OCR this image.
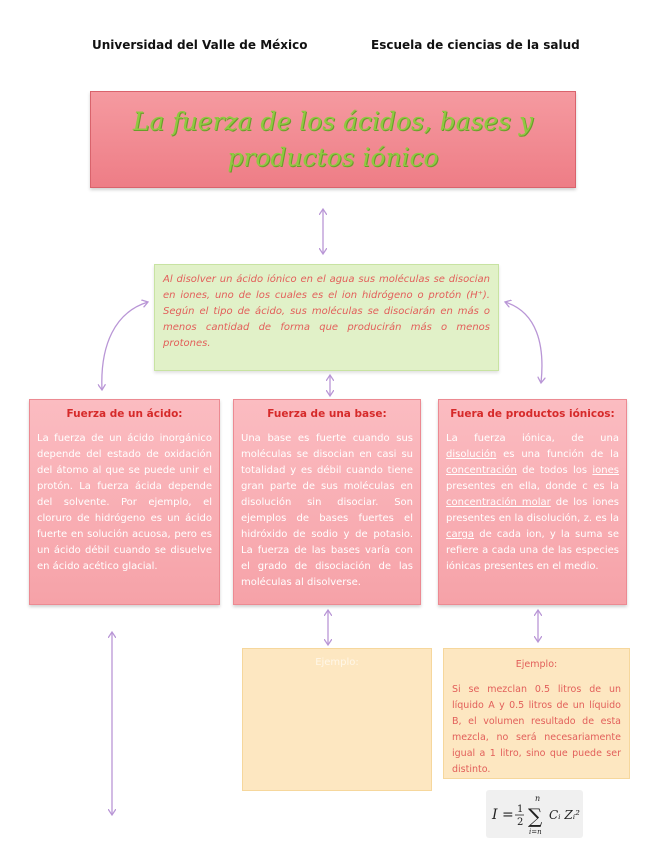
Universidad del Valle de México	Escuela de ciencias de la salud
La fuerza de los ácidos, bases y productos iónico
Al disolver un ácido iónico en el agua sus moléculas se disocian en iones, uno de los cuales es el ion hidrógeno o protón (H⁺). Según el tipo de ácido, sus moléculas se disociarán en más o menos cantidad de forma que producirán más o menos protones.
Fuerza de un ácido:
La fuerza de un ácido inorgánico depende del estado de oxidación del átomo al que se puede unir el protón. La fuerza ácida depende del solvente. Por ejemplo, el cloruro de hidrógeno es un ácido fuerte en solución acuosa, pero es un ácido débil cuando se disuelve en ácido acético glacial.
Fuerza de una base:
Una base es fuerte cuando sus moléculas se disocian en casi su totalidad y es débil cuando tiene gran parte de sus moléculas en disolución sin disociar. Son ejemplos de bases fuertes el hidróxido de sodio y de potasio. La fuerza de las bases varía con el grado de disociación de las moléculas al disolverse.
Fuera de productos iónicos:
La fuerza iónica, de una disolución es una función de la concentración de todos los iones presentes en ella, donde c es la concentración molar de los iones presentes en la disolución, z. es la carga de cada ion, y la suma se refiere a cada una de las especies iónicas presentes en el medio.
Ejemplo:	Ejemplo:
Si se mezclan 0.5 litros de un líquido A y 0.5 litros de un líquido B, el volumen resultado de esta mezcla, no será necesariamente igual a 1 litro, sino que puede ser distinto.
I = 1
2
n
∑
i=n
Cᵢ Zᵢ²
